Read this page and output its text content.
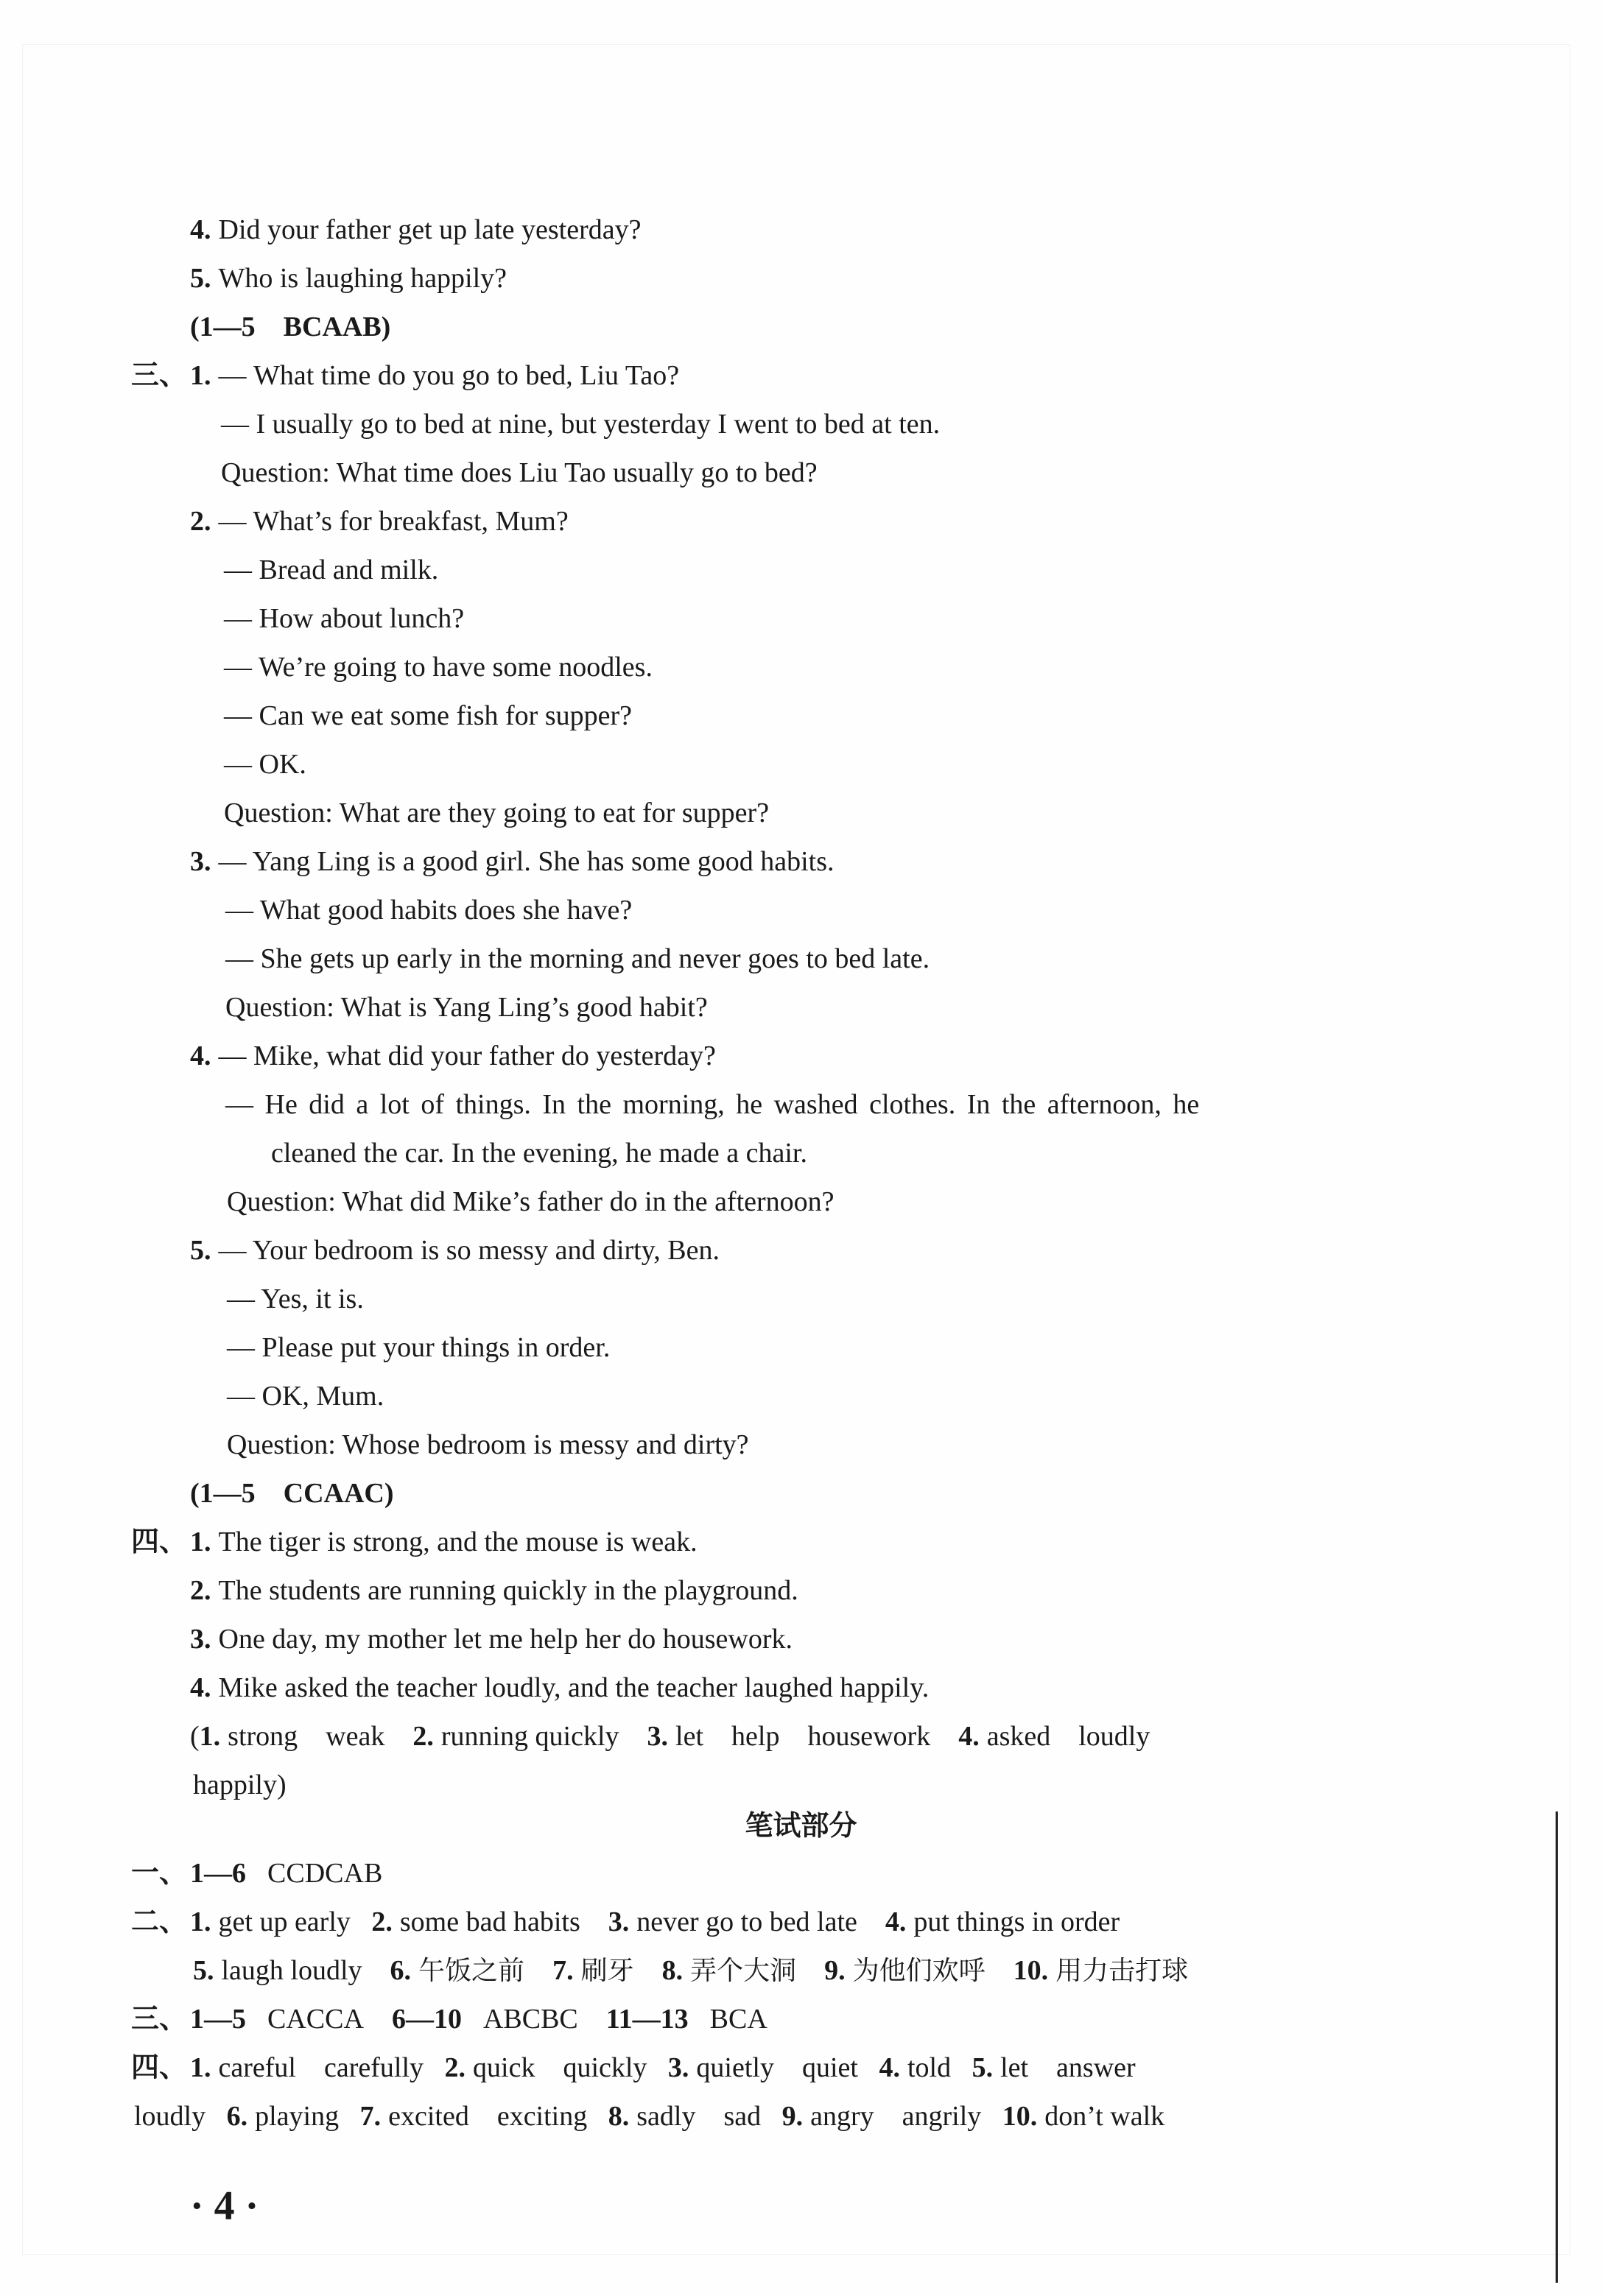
4. Did your father get up late yesterday?
5. Who is laughing happily?
(1—5　BCAAB)
三、 1. — What time do you go to bed, Liu Tao?
— I usually go to bed at nine, but yesterday I went to bed at ten.
Question: What time does Liu Tao usually go to bed?
2. — What’s for breakfast, Mum?
— Bread and milk.
— How about lunch?
— We’re going to have some noodles.
— Can we eat some fish for supper?
— OK.
Question: What are they going to eat for supper?
3. — Yang Ling is a good girl. She has some good habits.
— What good habits does she have?
— She gets up early in the morning and never goes to bed late.
Question: What is Yang Ling’s good habit?
4. — Mike, what did your father do yesterday?
— He did a lot of things. In the morning, he washed clothes. In the afternoon, he
cleaned the car. In the evening, he made a chair.
Question: What did Mike’s father do in the afternoon?
5. — Your bedroom is so messy and dirty, Ben.
— Yes, it is.
— Please put your things in order.
— OK, Mum.
Question: Whose bedroom is messy and dirty?
(1—5　CCAAC)
四、 1. The tiger is strong, and the mouse is weak.
2. The students are running quickly in the playground.
3. One day, my mother let me help her do housework.
4. Mike asked the teacher loudly, and the teacher laughed happily.
(1. strong　weak 2. running quickly 3. let　help　housework 4. asked　loudly
happily)
笔试部分
一、 1—6 CCDCAB
二、 1. get up early 2. some bad habits 3. never go to bed late 4. put things in order
5. laugh loudly 6. 午饭之前 7. 刷牙 8. 弄个大洞 9. 为他们欢呼 10. 用力击打球
三、 1—5 CACCA 6—10 ABCBC 11—13 BCA
四、 1. careful　carefully 2. quick　quickly 3. quietly　quiet 4. told 5. let　answer
loudly 6. playing 7. excited　exciting 8. sadly　sad 9. angry　angrily 10. don’t walk
· 4 ·
